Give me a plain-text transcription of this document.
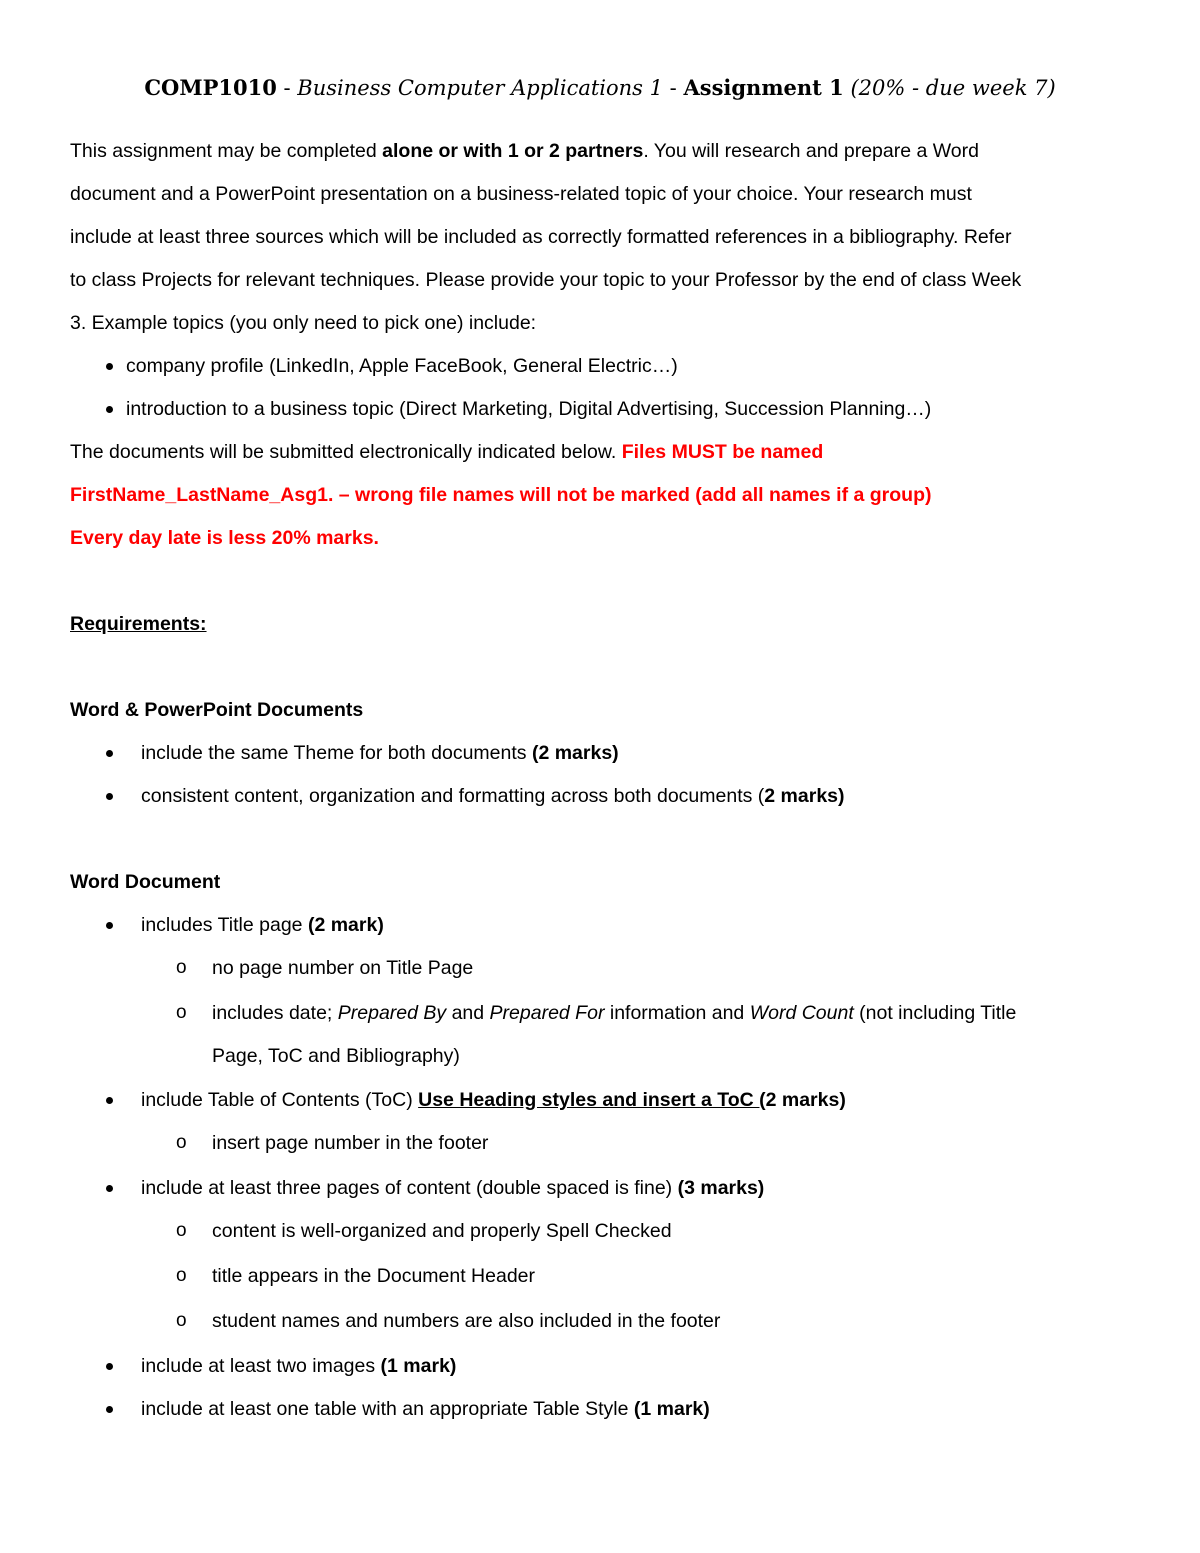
COMP1010 - Business Computer Applications 1 - Assignment 1 (20% - due week 7)
This assignment may be completed alone or with 1 or 2 partners. You will research and prepare a Word
document and a PowerPoint presentation on a business-related topic of your choice. Your research must
include at least three sources which will be included as correctly formatted references in a bibliography. Refer
to class Projects for relevant techniques. Please provide your topic to your Professor by the end of class Week
3. Example topics (you only need to pick one) include:
company profile (LinkedIn, Apple FaceBook, General Electric…)
introduction to a business topic (Direct Marketing, Digital Advertising, Succession Planning…)
The documents will be submitted electronically indicated below. Files MUST be named
FirstName_LastName_Asg1. – wrong file names will not be marked (add all names if a group)
Every day late is less 20% marks.
Requirements:
Word & PowerPoint Documents
include the same Theme for both documents (2 marks)
consistent content, organization and formatting across both documents (2 marks)
Word Document
includes Title page (2 mark)
o no page number on Title Page
o includes date; Prepared By and Prepared For information and Word Count (not including Title
Page, ToC and Bibliography)
include Table of Contents (ToC) Use Heading styles and insert a ToC (2 marks)
o insert page number in the footer
include at least three pages of content (double spaced is fine) (3 marks)
o content is well-organized and properly Spell Checked
o title appears in the Document Header
o student names and numbers are also included in the footer
include at least two images (1 mark)
include at least one table with an appropriate Table Style (1 mark)
